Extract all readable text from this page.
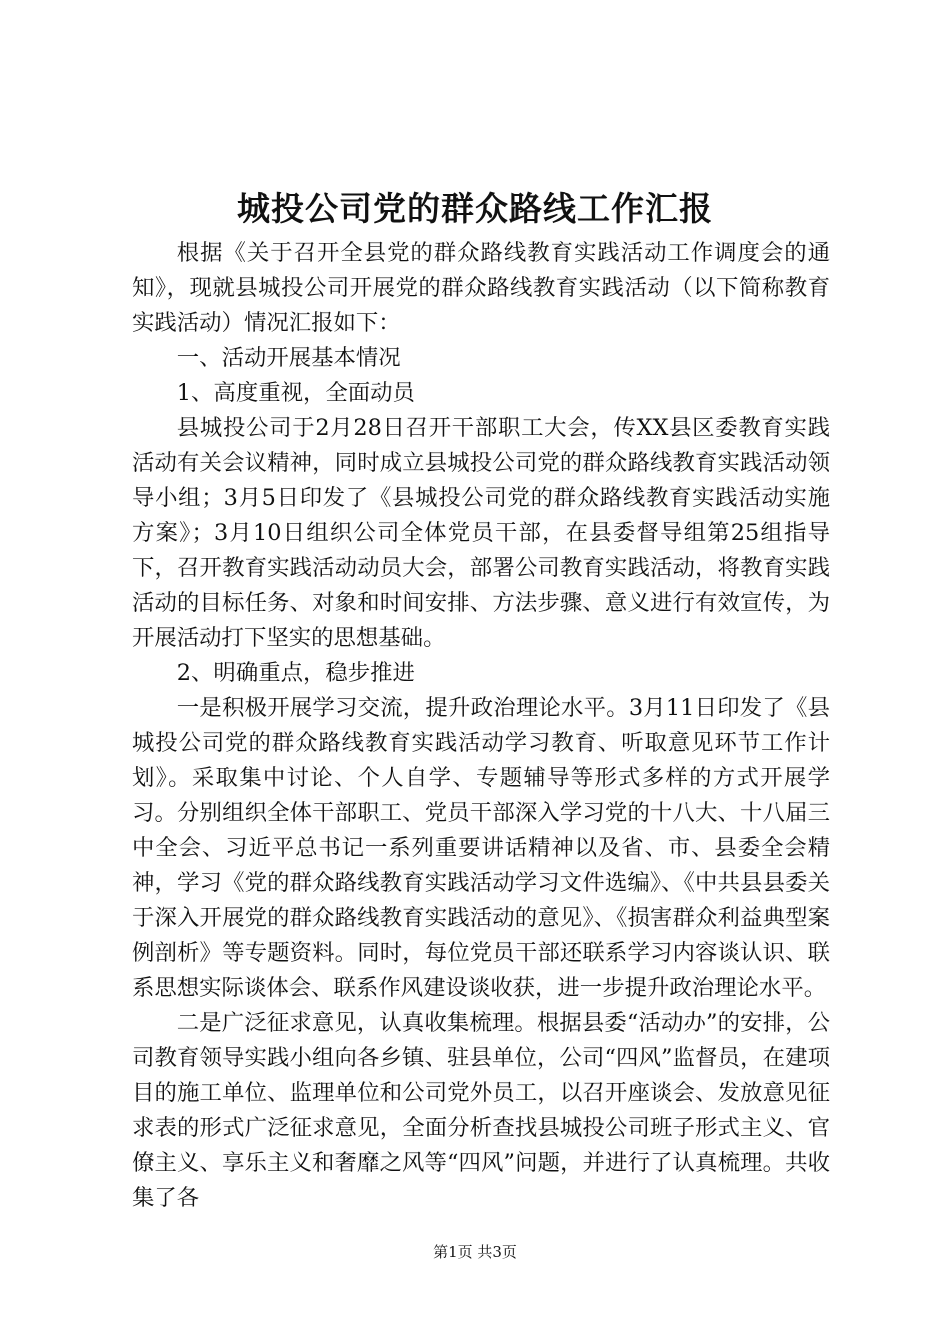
城投公司党的群众路线工作汇报

根据《关于召开全县党的群众路线教育实践活动工作调度会的通知》，现就县城投公司开展党的群众路线教育实践活动（以下简称教育实践活动）情况汇报如下：

一、活动开展基本情况

1、高度重视，全面动员

县城投公司于2月28日召开干部职工大会，传XX县区委教育实践活动有关会议精神，同时成立县城投公司党的群众路线教育实践活动领导小组；3月5日印发了《县城投公司党的群众路线教育实践活动实施方案》；3月10日组织公司全体党员干部，在县委督导组第25组指导下，召开教育实践活动动员大会，部署公司教育实践活动，将教育实践活动的目标任务、对象和时间安排、方法步骤、意义进行有效宣传，为开展活动打下坚实的思想基础。

2、明确重点，稳步推进

一是积极开展学习交流，提升政治理论水平。3月11日印发了《县城投公司党的群众路线教育实践活动学习教育、听取意见环节工作计划》。采取集中讨论、个人自学、专题辅导等形式多样的方式开展学习。分别组织全体干部职工、党员干部深入学习党的十八大、十八届三中全会、习近平总书记一系列重要讲话精神以及省、市、县委全会精神，学习《党的群众路线教育实践活动学习文件选编》、《中共县县委关于深入开展党的群众路线教育实践活动的意见》、《损害群众利益典型案例剖析》等专题资料。同时，每位党员干部还联系学习内容谈认识、联系思想实际谈体会、联系作风建设谈收获，进一步提升政治理论水平。

二是广泛征求意见，认真收集梳理。根据县委“活动办”的安排，公司教育领导实践小组向各乡镇、驻县单位，公司“四风”监督员，在建项目的施工单位、监理单位和公司党外员工，以召开座谈会、发放意见征求表的形式广泛征求意见，全面分析查找县城投公司班子形式主义、官僚主义、享乐主义和奢靡之风等“四风”问题，并进行了认真梳理。共收集了各

第1页 共3页
